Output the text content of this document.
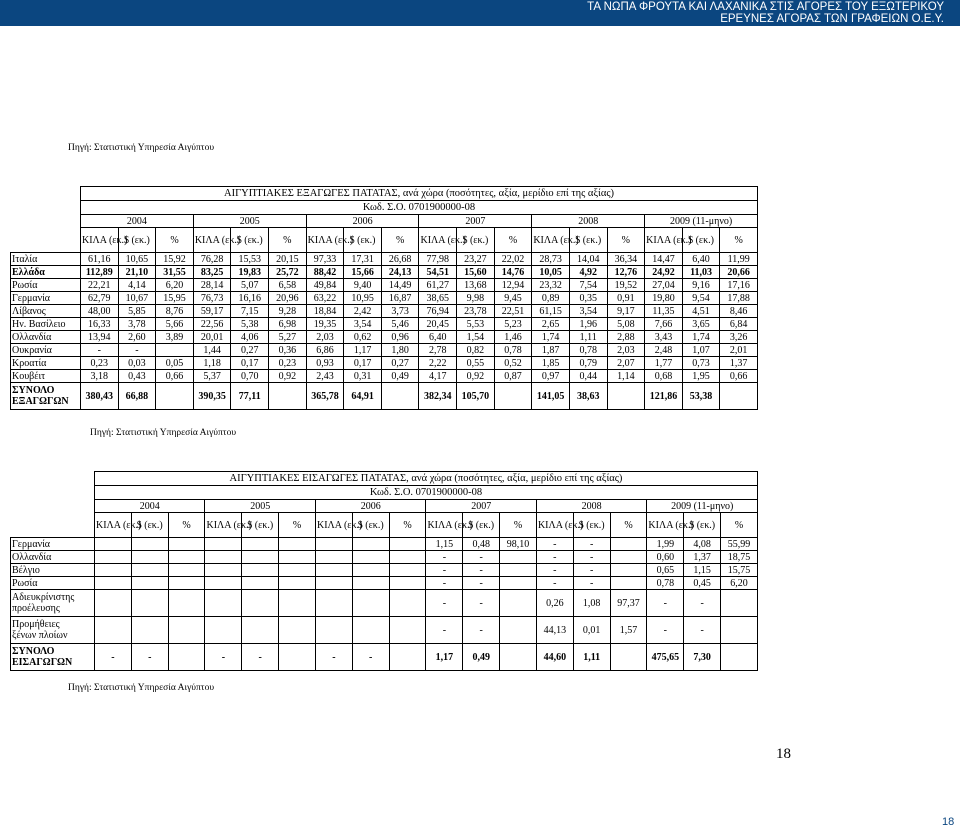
ΤΑ ΝΩΠΑ ΦΡΟΥΤΑ ΚΑΙ ΛΑΧΑΝΙΚΑ ΣΤΙΣ ΑΓΟΡΕΣ ΤΟΥ ΕΞΩΤΕΡΙΚΟΥ
ΕΡΕΥΝΕΣ ΑΓΟΡΑΣ ΤΩΝ ΓΡΑΦΕΙΩΝ Ο.Ε.Υ.
Πηγή: Στατιστική Υπηρεσία Αιγύπτου
	ΑΙΓΥΠΤΙΑΚΕΣ ΕΞΑΓΩΓΕΣ ΠΑΤΑΤΑΣ, ανά χώρα (ποσότητες, αξία, μερίδιο επί της αξίας)																	
	Κωδ. Σ.Ο. 0701900000-08																	
	2004			2005			2006			2007			2008			2009 (11-μηνο)		
	ΚΙΛΑ (εκ.)	$ (εκ.)	%	ΚΙΛΑ (εκ.)	$ (εκ.)	%	ΚΙΛΑ (εκ.)	$ (εκ.)	%	ΚΙΛΑ (εκ.)	$ (εκ.)	%	ΚΙΛΑ (εκ.)	$ (εκ.)	%	ΚΙΛΑ (εκ.)	$ (εκ.)	%
Ιταλία	61,16	10,65	15,92	76,28	15,53	20,15	97,33	17,31	26,68	77,98	23,27	22,02	28,73	14,04	36,34	14,47	6,40	11,99
Ελλάδα	112,89	21,10	31,55	83,25	19,83	25,72	88,42	15,66	24,13	54,51	15,60	14,76	10,05	4,92	12,76	24,92	11,03	20,66
Ρωσία	22,21	4,14	6,20	28,14	5,07	6,58	49,84	9,40	14,49	61,27	13,68	12,94	23,32	7,54	19,52	27,04	9,16	17,16
Γερμανία	62,79	10,67	15,95	76,73	16,16	20,96	63,22	10,95	16,87	38,65	9,98	9,45	0,89	0,35	0,91	19,80	9,54	17,88
Λίβανος	48,00	5,85	8,76	59,17	7,15	9,28	18,84	2,42	3,73	76,94	23,78	22,51	61,15	3,54	9,17	11,35	4,51	8,46
Ην. Βασίλειο	16,33	3,78	5,66	22,56	5,38	6,98	19,35	3,54	5,46	20,45	5,53	5,23	2,65	1,96	5,08	7,66	3,65	6,84
Ολλανδία	13,94	2,60	3,89	20,01	4,06	5,27	2,03	0,62	0,96	6,40	1,54	1,46	1,74	1,11	2,88	3,43	1,74	3,26
Ουκρανία	-	-		1,44	0,27	0,36	6,86	1,17	1,80	2,78	0,82	0,78	1,87	0,78	2,03	2,48	1,07	2,01
Κροατία	0,23	0,03	0,05	1,18	0,17	0,23	0,93	0,17	0,27	2,22	0,55	0,52	1,85	0,79	2,07	1,77	0,73	1,37
Κουβέιτ	3,18	0,43	0,66	5,37	0,70	0,92	2,43	0,31	0,49	4,17	0,92	0,87	0,97	0,44	1,14	0,68	1,95	0,66
ΣΥΝΟΛΟ
ΕΞΑΓΩΓΩΝ	380,43	66,88		390,35	77,11		365,78	64,91		382,34	105,70		141,05	38,63		121,86	53,38	
Πηγή: Στατιστική Υπηρεσία Αιγύπτου
	ΑΙΓΥΠΤΙΑΚΕΣ ΕΙΣΑΓΩΓΕΣ ΠΑΤΑΤΑΣ, ανά χώρα (ποσότητες, αξία, μερίδιο επί της αξίας)																	
	Κωδ. Σ.Ο. 0701900000-08																	
	2004			2005			2006			2007			2008			2009 (11-μηνο)		
	ΚΙΛΑ (εκ.)	$ (εκ.)	%	ΚΙΛΑ (εκ.)	$ (εκ.)	%	ΚΙΛΑ (εκ.)	$ (εκ.)	%	ΚΙΛΑ (εκ.)	$ (εκ.)	%	ΚΙΛΑ (εκ.)	$ (εκ.)	%	ΚΙΛΑ (εκ.)	$ (εκ.)	%
Γερμανία										1,15	0,48	98,10	-	-		1,99	4,08	55,99
Ολλανδία										-	-		-	-		0,60	1,37	18,75
Βέλγιο										-	-		-	-		0,65	1,15	15,75
Ρωσία										-	-		-	-		0,78	0,45	6,20
Αδιευκρίνιστης
προέλευσης										-	-		0,26	1,08	97,37	-	-	
Προμήθειες
ξένων πλοίων										-	-		44,13	0,01	1,57	-	-	
ΣΥΝΟΛΟ
ΕΙΣΑΓΩΓΩΝ	-	-		-	-		-	-		1,17	0,49		44,60	1,11		475,65	7,30	
Πηγή: Στατιστική Υπηρεσία Αιγύπτου
18
18
